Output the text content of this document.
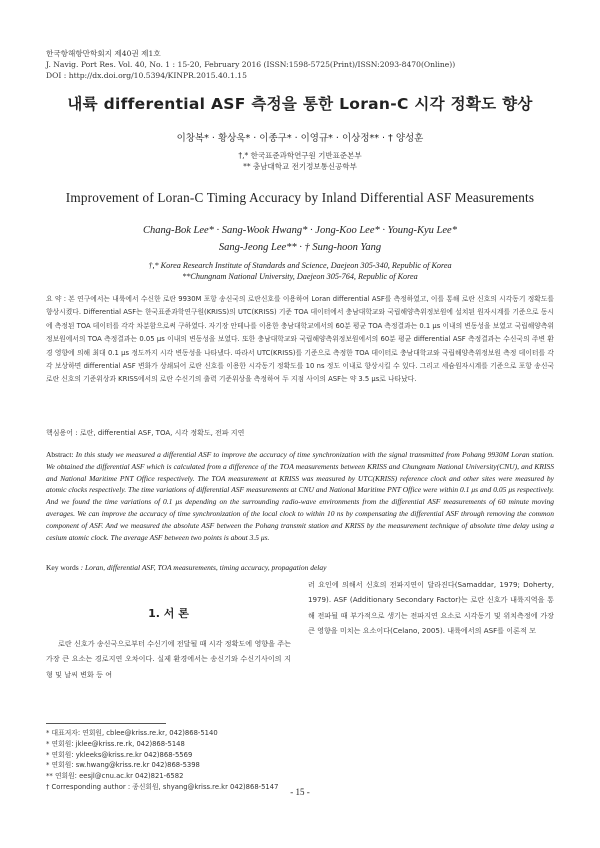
한국항해항만학회지 제40권 제1호
J. Navig. Port Res. Vol. 40, No. 1 : 15-20, February 2016 (ISSN:1598-5725(Print)/ISSN:2093-8470(Online))
DOI : http://dx.doi.org/10.5394/KINPR.2015.40.1.15
내륙 differential ASF 측정을 통한 Loran-C 시각 정확도 향상
이창복* · 황상욱* · 이종구* · 이영규* · 이상정** · † 양성훈
†,* 한국표준과학연구원 기반표준본부
** 충남대학교 전기정보통신공학부
Improvement of Loran-C Timing Accuracy by Inland Differential ASF Measurements
Chang-Bok Lee* · Sang-Wook Hwang* · Jong-Koo Lee* · Young-Kyu Lee*
Sang-Jeong Lee** · † Sung-hoon Yang
†,* Korea Research Institute of Standards and Science, Daejeon 305-340, Republic of Korea
**Chungnam National University, Daejeon 305-764, Republic of Korea
요 약 : 본 연구에서는 내륙에서 수신한 로란 9930M 포항 송신국의 로란신호를 이용하여 Loran differential ASF를 측정하였고, 이를 통해 로란 신호의 시각동기 정확도를 향상시켰다. Differential ASF는 한국표준과학연구원(KRISS)의 UTC(KRISS) 기준 TOA 데이터에서 충남대학교와 국립해양측위정보원에 설치된 원자시계를 기준으로 동시에 측정된 TOA 데이터를 각각 차분함으로써 구하였다. 자기장 안테나를 이용한 충남대학교에서의 60분 평균 TOA 측정결과는 0.1 μs 이내의 변동성을 보였고 국립해양측위정보원에서의 TOA 측정결과는 0.05 μs 이내의 변동성을 보였다. 또한 충남대학교와 국립해양측위정보원에서의 60분 평균 differential ASF 측정결과는 수신국의 주변 환경 영향에 의해 최대 0.1 μs 정도까지 시각 변동성을 나타냈다. 따라서 UTC(KRISS)를 기준으로 측정한 TOA 데이터로 충남대학교와 국립해양측위정보원 측정 데이터를 각각 보상하면 differential ASF 변화가 상쇄되어 로란 신호를 이용한 시각동기 정확도를 10 ns 정도 이내로 향상시킬 수 있다. 그리고 세슘원자시계를 기준으로 포항 송신국 로란 신호의 기준위상과 KRISS에서의 로란 수신기의 출력 기준위상을 측정하여 두 지점 사이의 ASF는 약 3.5 μs로 나타났다.
핵심용어 : 로란, differential ASF, TOA, 시각 정확도, 전파 지연
Abstract: In this study we measured a differential ASF to improve the accuracy of time synchronization with the signal transmitted from Pohang 9930M Loran station. We obtained the differential ASF which is calculated from a difference of the TOA measurements between KRISS and Chungnam National University(CNU), and KRISS and National Maritime PNT Office respectively. The TOA measurement at KRISS was measured by UTC(KRISS) reference clock and other sites were measured by atomic clocks respectively. The time variations of differential ASF measurements at CNU and National Maritime PNT Office were within 0.1 μs and 0.05 μs respectively. And we found the time variations of 0.1 μs depending on the surrounding radio-wave environments from the differential ASF measurements of 60 minute moving averages. We can improve the accuracy of time synchronization of the local clock to within 10 ns by compensating the differential ASF through removing the common component of ASF. And we measured the absolute ASF between the Pohang transmit station and KRISS by the measurement technique of absolute time delay using a cesium atomic clock. The average ASF between two points is about 3.5 μs.
Key words : Loran, differential ASF, TOA measurements, timing accuracy, propagation delay
1. 서 론
로란 신호가 송신국으로부터 수신기에 전달될 때 시각 정확도에 영향을 주는 가장 큰 요소는 경로지연 오차이다. 실제 환경에서는 송신기와 수신기사이의 지형 및 날씨 변화 등 여
러 요인에 의해서 신호의 전파지연이 달라진다(Samaddar, 1979; Doherty, 1979). ASF (Additionary Secondary Factor)는 로란 신호가 내륙지역을 통해 전파될 때 부가적으로 생기는 전파지연 요소로 시각동기 및 위치측정에 가장 큰 영향을 미치는 요소이다(Celano, 2005). 내륙에서의 ASF를 이론적 모
* 대표저자: 연회원, cblee@kriss.re.kr, 042)868-5140
* 연회원: jklee@kriss.re.rk, 042)868-5148
* 연회원: ykleeks@kriss.re.kr 042)868-5569
* 연회원: sw.hwang@kriss.re.kr 042)868-5398
** 연회원: eesjl@cnu.ac.kr 042)821-6582
† Corresponding author : 종신회원, shyang@kriss.re.kr 042)868-5147
- 15 -
